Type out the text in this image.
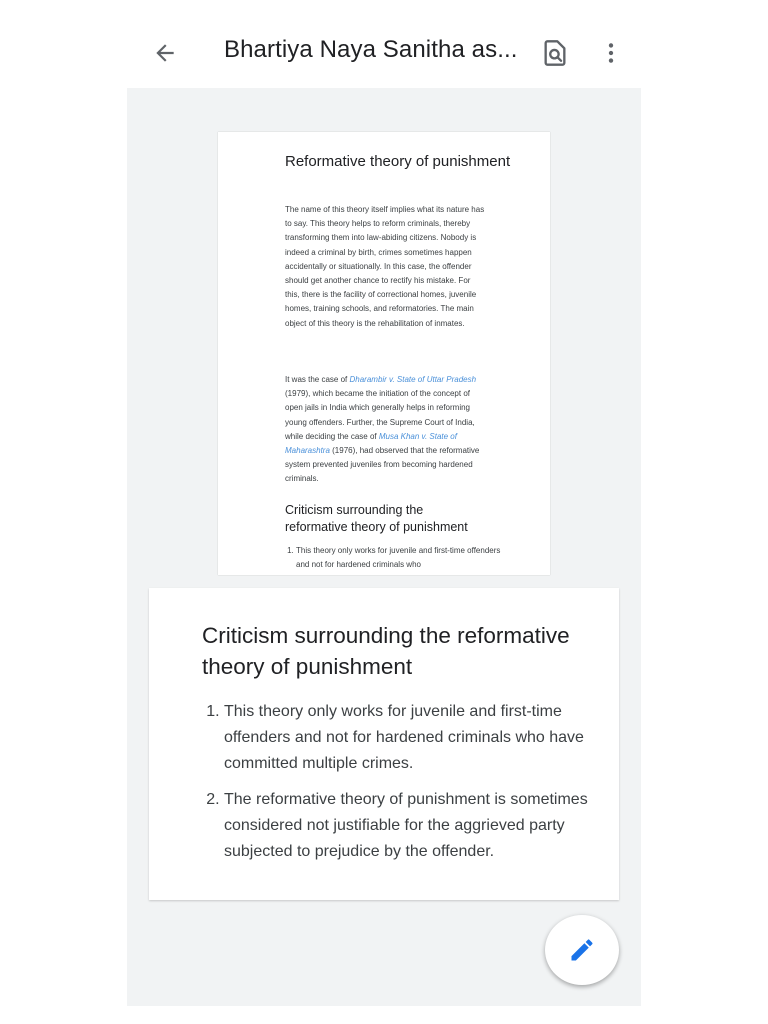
Bhartiya Naya Sanitha as...
Reformative theory of punishment
The name of this theory itself implies what its nature has to say. This theory helps to reform criminals, thereby transforming them into law-abiding citizens. Nobody is indeed a criminal by birth, crimes sometimes happen accidentally or situationally. In this case, the offender should get another chance to rectify his mistake. For this, there is the facility of correctional homes, juvenile homes, training schools, and reformatories. The main object of this theory is the rehabilitation of inmates.
It was the case of Dharambir v. State of Uttar Pradesh (1979), which became the initiation of the concept of open jails in India which generally helps in reforming young offenders. Further, the Supreme Court of India, while deciding the case of Musa Khan v. State of Maharashtra (1976), had observed that the reformative system prevented juveniles from becoming hardened criminals.
Criticism surrounding the reformative theory of punishment
1. This theory only works for juvenile and first-time offenders and not for hardened criminals who
Criticism surrounding the reformative theory of punishment
1. This theory only works for juvenile and first-time offenders and not for hardened criminals who have committed multiple crimes.
2. The reformative theory of punishment is sometimes considered not justifiable for the aggrieved party subjected to prejudice by the offender.
